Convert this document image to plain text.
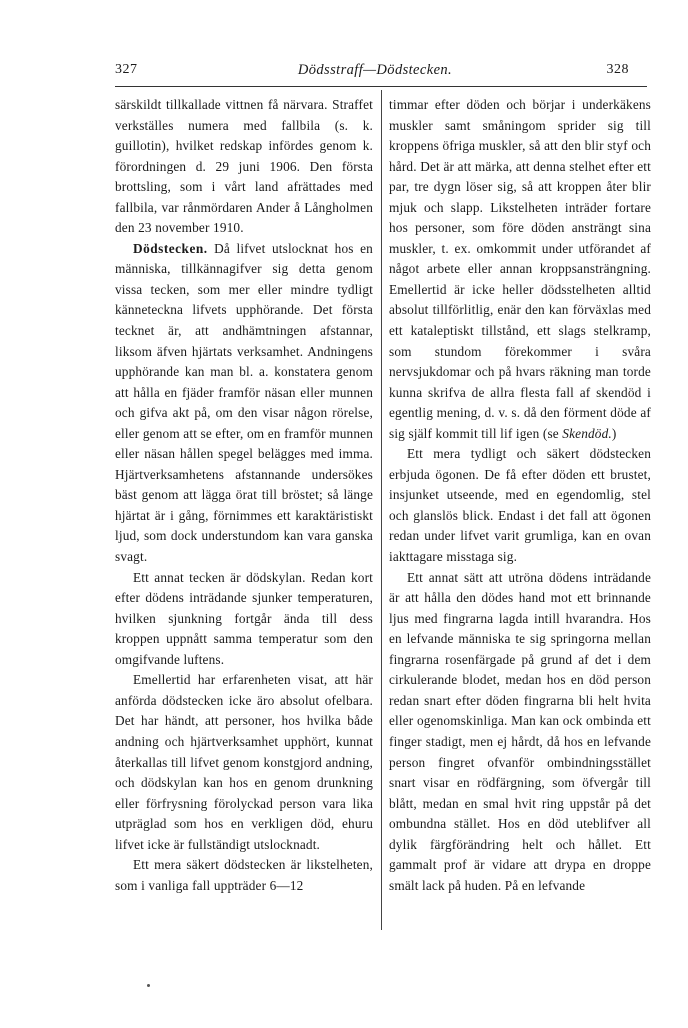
327	Dödsstraff—Dödstecken.	328

särskildt tillkallade vittnen få närvara. Straffet verkställes numera med fallbila (s. k. guillotin), hvilket redskap infördes genom k. förordningen d. 29 juni 1906. Den första brottsling, som i vårt land afrättades med fallbila, var rånmördaren Ander å Långholmen den 23 november 1910.

Dödstecken. Då lifvet utslocknat hos en människa, tillkännagifver sig detta genom vissa tecken, som mer eller mindre tydligt känneteckna lifvets upphörande. Det första tecknet är, att andhämtningen afstannar, liksom äfven hjärtats verksamhet. Andningens upphörande kan man bl. a. konstatera genom att hålla en fjäder framför näsan eller munnen och gifva akt på, om den visar någon rörelse, eller genom att se efter, om en framför munnen eller näsan hållen spegel belägges med imma. Hjärtverksamhetens afstannande undersökes bäst genom att lägga örat till bröstet; så länge hjärtat är i gång, förnimmes ett karaktäristiskt ljud, som dock understundom kan vara ganska svagt.

Ett annat tecken är dödskylan. Redan kort efter dödens inträdande sjunker temperaturen, hvilken sjunkning fortgår ända till dess kroppen uppnått samma temperatur som den omgifvande luftens.

Emellertid har erfarenheten visat, att här anförda dödstecken icke äro absolut ofelbara. Det har händt, att personer, hos hvilka både andning och hjärtverksamhet upphört, kunnat återkallas till lifvet genom konstgjord andning, och dödskylan kan hos en genom drunkning eller förfrysning förolyckad person vara lika utpräglad som hos en verkligen död, ehuru lifvet icke är fullständigt utslocknadt.

Ett mera säkert dödstecken är likstelheten, som i vanliga fall uppträder 6—12

timmar efter döden och börjar i underkäkens muskler samt småningom sprider sig till kroppens öfriga muskler, så att den blir styf och hård. Det är att märka, att denna stelhet efter ett par, tre dygn löser sig, så att kroppen åter blir mjuk och slapp. Likstelheten inträder fortare hos personer, som före döden ansträngt sina muskler, t. ex. omkommit under utförandet af något arbete eller annan kroppsansträngning. Emellertid är icke heller dödsstelheten alltid absolut tillförlitlig, enär den kan förväxlas med ett kataleptiskt tillstånd, ett slags stelkramp, som stundom förekommer i svåra nervsjukdomar och på hvars räkning man torde kunna skrifva de allra flesta fall af skendöd i egentlig mening, d. v. s. då den förment döde af sig själf kommit till lif igen (se Skendöd.)

Ett mera tydligt och säkert dödstecken erbjuda ögonen. De få efter döden ett brustet, insjunket utseende, med en egendomlig, stel och glanslös blick. Endast i det fall att ögonen redan under lifvet varit grumliga, kan en ovan iakttagare misstaga sig.

Ett annat sätt att utröna dödens inträdande är att hålla den dödes hand mot ett brinnande ljus med fingrarna lagda intill hvarandra. Hos en lefvande människa te sig springorna mellan fingrarna rosenfärgade på grund af det i dem cirkulerande blodet, medan hos en död person redan snart efter döden fingrarna bli helt hvita eller ogenomskinliga. Man kan ock ombinda ett finger stadigt, men ej hårdt, då hos en lefvande person fingret ofvanför ombindningsstället snart visar en rödfärgning, som öfvergår till blått, medan en smal hvit ring uppstår på det ombundna stället. Hos en död uteblifver all dylik färgförändring helt och hållet. Ett gammalt prof är vidare att drypa en droppe smält lack på huden. På en lefvande
